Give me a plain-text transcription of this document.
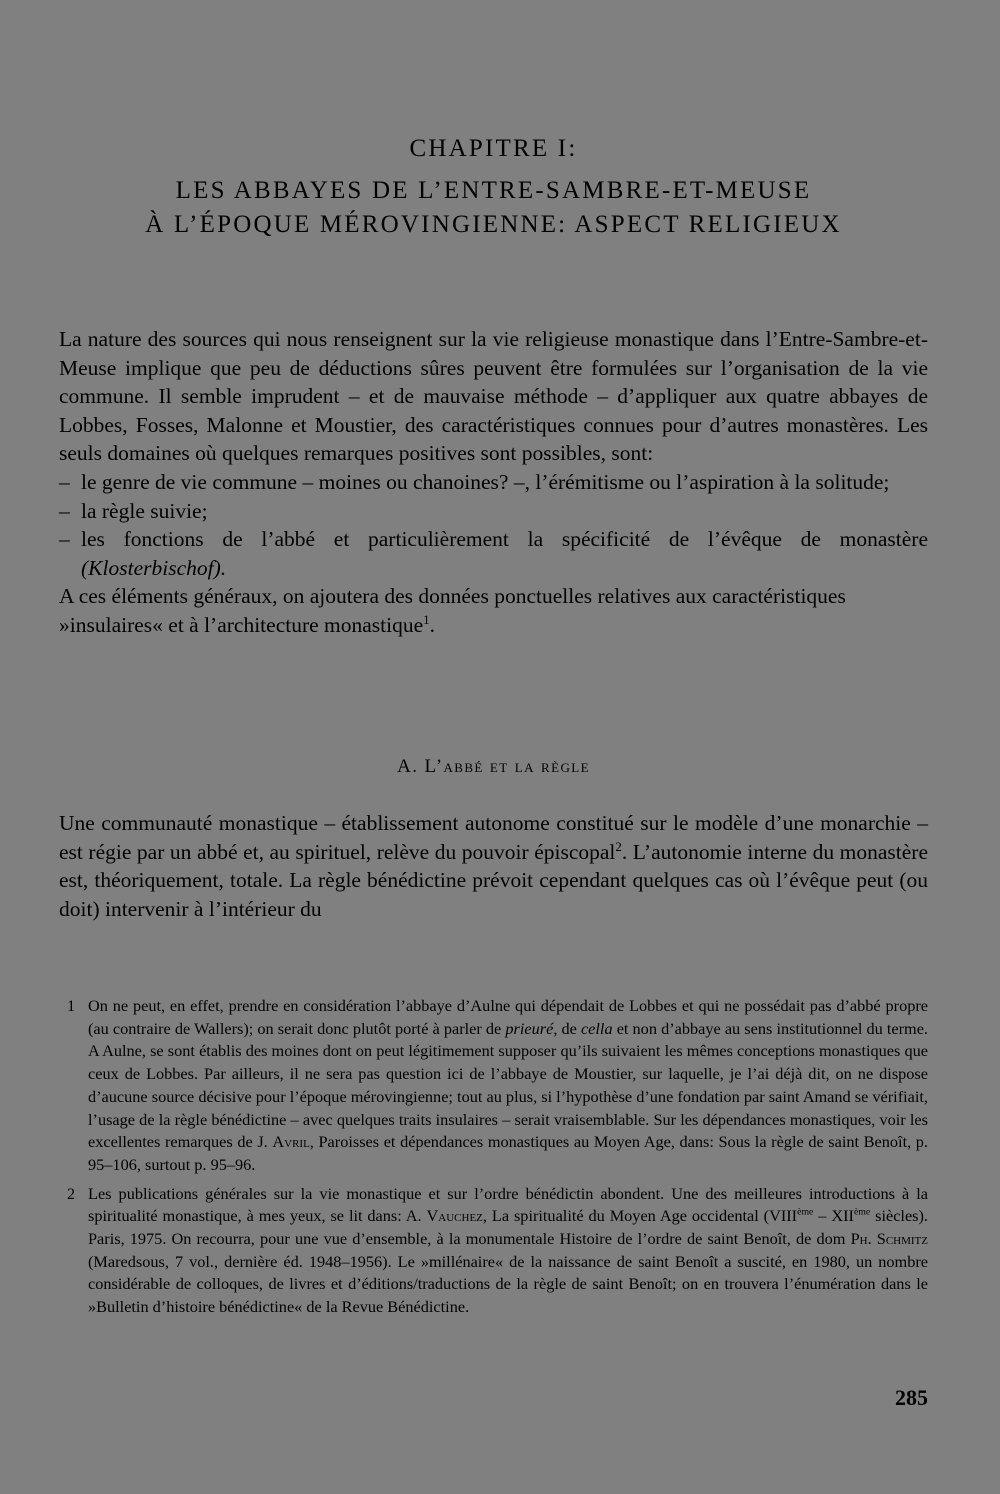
CHAPITRE I:
LES ABBAYES DE L’ENTRE-SAMBRE-ET-MEUSE
À L’ÉPOQUE MÉROVINGIENNE: ASPECT RELIGIEUX

La nature des sources qui nous renseignent sur la vie religieuse monastique dans l’Entre-Sambre-et-Meuse implique que peu de déductions sûres peuvent être formulées sur l’organisation de la vie commune. Il semble imprudent – et de mauvaise méthode – d’appliquer aux quatre abbayes de Lobbes, Fosses, Malonne et Moustier, des caractéristiques connues pour d’autres monastères. Les seuls domaines où quelques remarques positives sont possibles, sont:

– le genre de vie commune – moines ou chanoines? –, l’érémitisme ou l’aspiration à la solitude;
– la règle suivie;
– les fonctions de l’abbé et particulièrement la spécificité de l’évêque de monastère (Klosterbischof).

A ces éléments généraux, on ajoutera des données ponctuelles relatives aux caractéristiques »insulaires« et à l’architecture monastique$^1$.

A. L’abbé et la règle

Une communauté monastique – établissement autonome constitué sur le modèle d’une monarchie – est régie par un abbé et, au spirituel, relève du pouvoir épiscopal$^2$. L’autonomie interne du monastère est, théoriquement, totale. La règle bénédictine prévoit cependant quelques cas où l’évêque peut (ou doit) intervenir à l’intérieur du

1 On ne peut, en effet, prendre en considération l’abbaye d’Aulne qui dépendait de Lobbes et qui ne possédait pas d’abbé propre (au contraire de Wallers); on serait donc plutôt porté à parler de prieuré, de cella et non d’abbaye au sens institutionnel du terme. A Aulne, se sont établis des moines dont on peut légitimement supposer qu’ils suivaient les mêmes conceptions monastiques que ceux de Lobbes. Par ailleurs, il ne sera pas question ici de l’abbaye de Moustier, sur laquelle, je l’ai déjà dit, on ne dispose d’aucune source décisive pour l’époque mérovingienne; tout au plus, si l’hypothèse d’une fondation par saint Amand se vérifiait, l’usage de la règle bénédictine – avec quelques traits insulaires – serait vraisemblable. Sur les dépendances monastiques, voir les excellentes remarques de J. Avril, Paroisses et dépendances monastiques au Moyen Age, dans: Sous la règle de saint Benoît, p. 95–106, surtout p. 95–96.

2 Les publications générales sur la vie monastique et sur l’ordre bénédictin abondent. Une des meilleures introductions à la spiritualité monastique, à mes yeux, se lit dans: A. Vauchez, La spiritualité du Moyen Age occidental (VIIIème – XIIème siècles). Paris, 1975. On recourra, pour une vue d’ensemble, à la monumentale Histoire de l’ordre de saint Benoît, de dom Ph. Schmitz (Maredsous, 7 vol., dernière éd. 1948–1956). Le »millénaire« de la naissance de saint Benoît a suscité, en 1980, un nombre considérable de colloques, de livres et d’éditions/traductions de la règle de saint Benoît; on en trouvera l’énumération dans le »Bulletin d’histoire bénédictine« de la Revue Bénédictine.

285
